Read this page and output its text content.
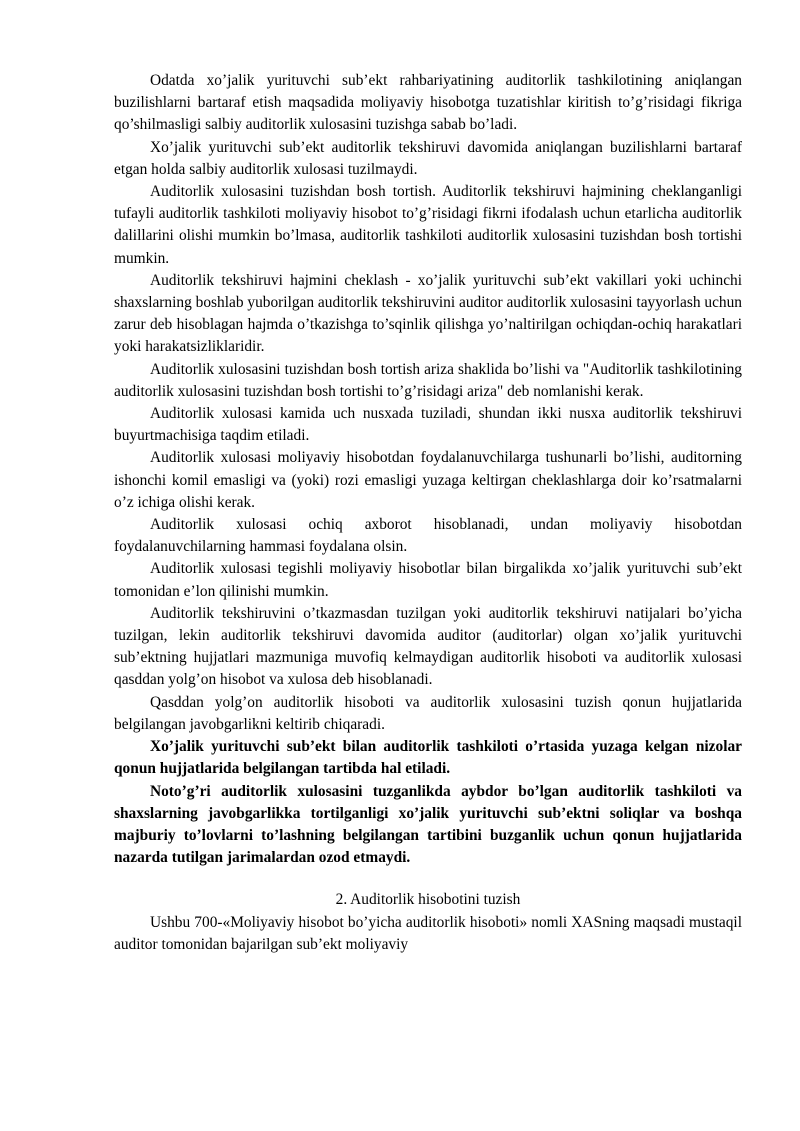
Odatda xo’jalik yurituvchi sub’ekt rahbariyatining auditorlik tashkilotining aniqlangan buzilishlarni bartaraf etish maqsadida moliyaviy hisobotga tuzatishlar kiritish to’g’risidagi fikriga qo’shilmasligi salbiy auditorlik xulosasini tuzishga sabab bo’ladi.

Xo’jalik yurituvchi sub’ekt auditorlik tekshiruvi davomida aniqlangan buzilishlarni bartaraf etgan holda salbiy auditorlik xulosasi tuzilmaydi.

Auditorlik xulosasini tuzishdan bosh tortish. Auditorlik tekshiruvi hajmining cheklanganligi tufayli auditorlik tashkiloti moliyaviy hisobot to’g’risidagi fikrni ifodalash uchun etarlicha auditorlik dalillarini olishi mumkin bo’lmasa, auditorlik tashkiloti auditorlik xulosasini tuzishdan bosh tortishi mumkin.

Auditorlik tekshiruvi hajmini cheklash - xo’jalik yurituvchi sub’ekt vakillari yoki uchinchi shaxslarning boshlab yuborilgan auditorlik tekshiruvini auditor auditorlik xulosasini tayyorlash uchun zarur deb hisoblagan hajmda o’tkazishga to’sqinlik qilishga yo’naltirilgan ochiqdan-ochiq harakatlari yoki harakatsizliklaridir.

Auditorlik xulosasini tuzishdan bosh tortish ariza shaklida bo’lishi va "Auditorlik tashkilotining auditorlik xulosasini tuzishdan bosh tortishi to’g’risidagi ariza" deb nomlanishi kerak.

Auditorlik xulosasi kamida uch nusxada tuziladi, shundan ikki nusxa auditorlik tekshiruvi buyurtmachisiga taqdim etiladi.

Auditorlik xulosasi moliyaviy hisobotdan foydalanuvchilarga tushunarli bo’lishi, auditorning ishonchi komil emasligi va (yoki) rozi emasligi yuzaga keltirgan cheklashlarga doir ko’rsatmalarni o’z ichiga olishi kerak.

Auditorlik xulosasi ochiq axborot hisoblanadi, undan moliyaviy hisobotdan foydalanuvchilarning hammasi foydalana olsin.

Auditorlik xulosasi tegishli moliyaviy hisobotlar bilan birgalikda xo’jalik yurituvchi sub’ekt tomonidan e’lon qilinishi mumkin.

Auditorlik tekshiruvini o’tkazmasdan tuzilgan yoki auditorlik tekshiruvi natijalari bo’yicha tuzilgan, lekin auditorlik tekshiruvi davomida auditor (auditorlar) olgan xo’jalik yurituvchi sub’ektning hujjatlari mazmuniga muvofiq kelmaydigan auditorlik hisoboti va auditorlik xulosasi qasddan yolg’on hisobot va xulosa deb hisoblanadi.

Qasddan yolg’on auditorlik hisoboti va auditorlik xulosasini tuzish qonun hujjatlarida belgilangan javobgarlikni keltirib chiqaradi.

Xo’jalik yurituvchi sub’ekt bilan auditorlik tashkiloti o’rtasida yuzaga kelgan nizolar qonun hujjatlarida belgilangan tartibda hal etiladi.

Noto’g’ri auditorlik xulosasini tuzganlikda aybdor bo’lgan auditorlik tashkiloti va shaxslarning javobgarlikka tortilganligi xo’jalik yurituvchi sub’ektni soliqlar va boshqa majburiy to’lovlarni to’lashning belgilangan tartibini buzganlik uchun qonun hujjatlarida nazarda tutilgan jarimalardan ozod etmaydi.

2. Auditorlik hisobotini tuzish

Ushbu 700-«Moliyaviy hisobot bo’yicha auditorlik hisoboti» nomli XASning maqsadi mustaqil auditor tomonidan bajarilgan sub’ekt moliyaviy
